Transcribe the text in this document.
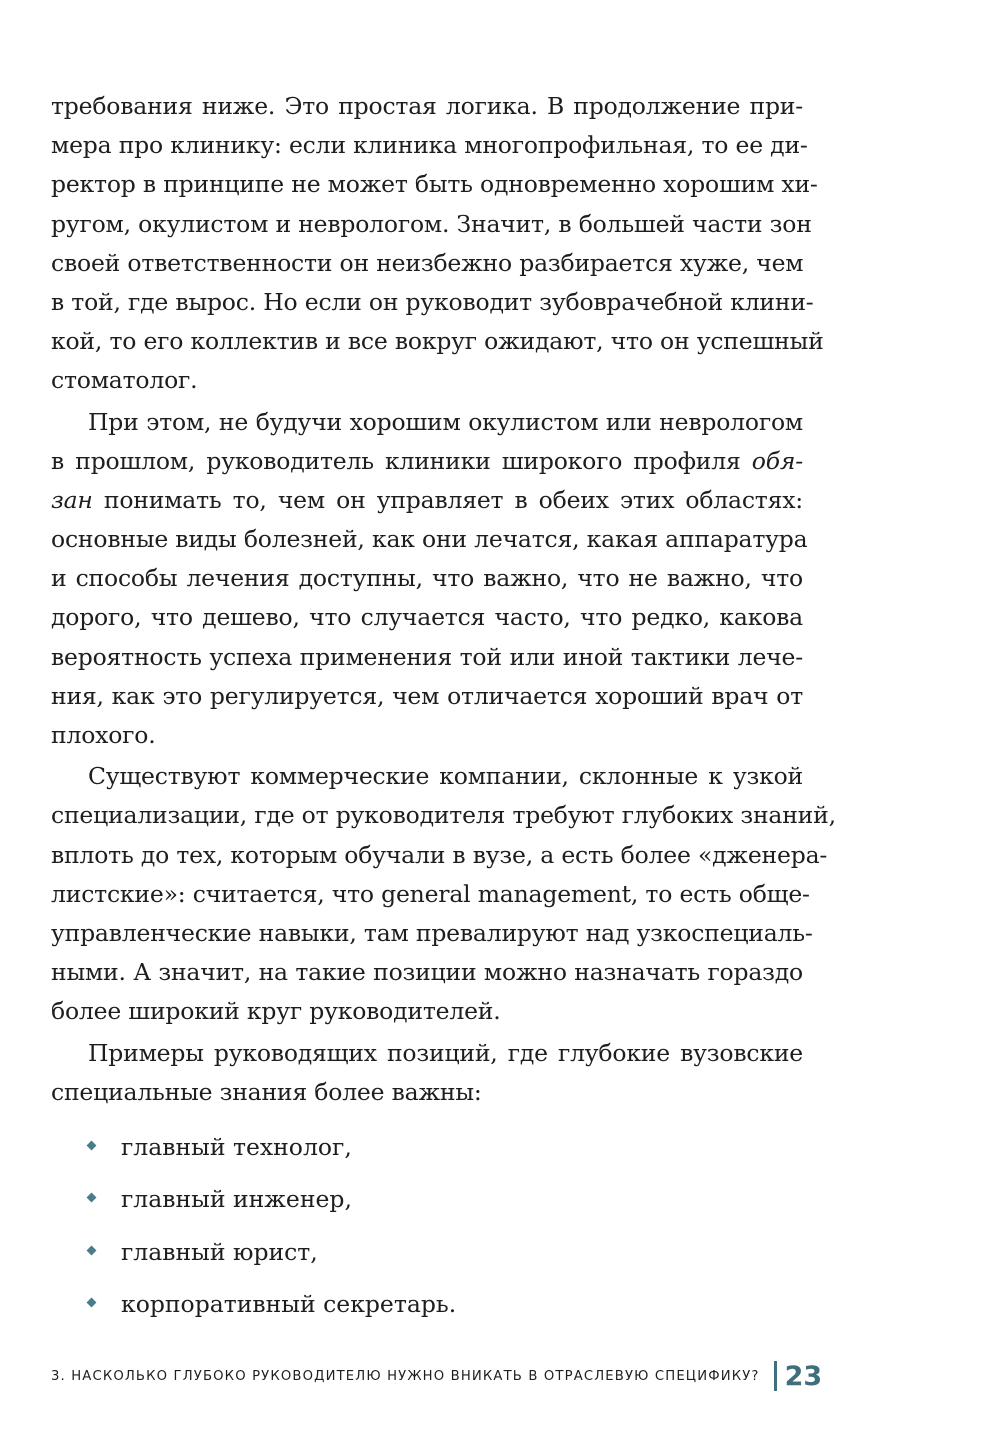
требования ниже. Это простая логика. В продолжение при-
мера про клинику: если клиника многопрофильная, то ее ди-
ректор в принципе не может быть одновременно хорошим хи-
ругом, окулистом и неврологом. Значит, в большей части зон
своей ответственности он неизбежно разбирается хуже, чем
в той, где вырос. Но если он руководит зубоврачебной клини-
кой, то его коллектив и все вокруг ожидают, что он успешный
стоматолог.
При этом, не будучи хорошим окулистом или неврологом
в прошлом, руководитель клиники широкого профиля обя-
зан понимать то, чем он управляет в обеих этих областях:
основные виды болезней, как они лечатся, какая аппаратура
и способы лечения доступны, что важно, что не важно, что
дорого, что дешево, что случается часто, что редко, какова
вероятность успеха применения той или иной тактики лече-
ния, как это регулируется, чем отличается хороший врач от
плохого.
Существуют коммерческие компании, склонные к узкой
специализации, где от руководителя требуют глубоких знаний,
вплоть до тех, которым обучали в вузе, а есть более «дженера-
листские»: считается, что general management, то есть обще-
управленческие навыки, там превалируют над узкоспециаль-
ными. А значит, на такие позиции можно назначать гораздо
более широкий круг руководителей.
Примеры руководящих позиций, где глубокие вузовские
специальные знания более важны:
главный технолог,
главный инженер,
главный юрист,
корпоративный секретарь.
3. НАСКОЛЬКО ГЛУБОКО РУКОВОДИТЕЛЮ НУЖНО ВНИКАТЬ В ОТРАСЛЕВУЮ СПЕЦИФИКУ? 23
